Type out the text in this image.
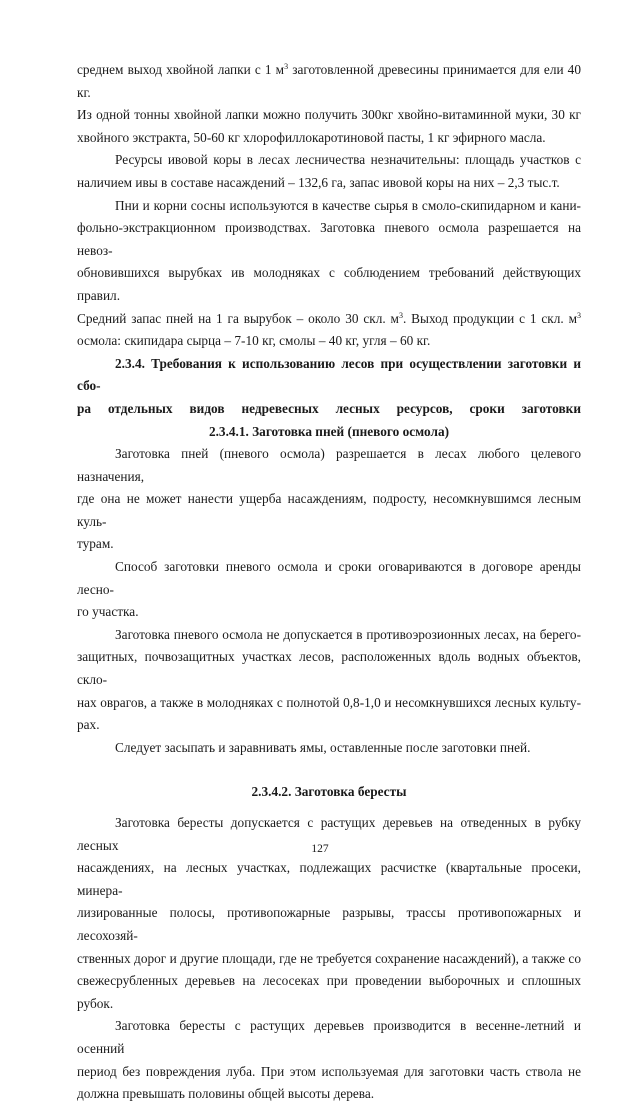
среднем выход хвойной лапки с 1 $м^3$ заготовленной древесины принимается для ели 40 кг.

Из одной тонны хвойной лапки можно получить 300кг хвойно-витаминной муки, 30 кг

хвойного экстракта, 50-60 кг хлорофиллокаротиновой пасты, 1 кг эфирного масла.

Ресурсы ивовой коры в лесах лесничества незначительны: площадь участков с

наличием ивы в составе насаждений – 132,6 га, запас ивовой коры на них – 2,3 тыс.т.

Пни и корни сосны используются в качестве сырья в смоло-скипидарном и кани-

фольно-экстракционном производствах. Заготовка пневого осмола разрешается на невоз-

обновившихся вырубках ив молодняках с соблюдением требований действующих правил.

Средний запас пней на 1 га вырубок – около 30 скл. $м^3$. Выход продукции с 1 скл. $м^3$

осмола: скипидара сырца – 7-10 кг, смолы – 40 кг, угля – 60 кг.

2.3.4. Требования к использованию лесов при осуществлении заготовки и сбо-

ра отдельных видов недревесных лесных ресурсов, сроки заготовки

2.3.4.1. Заготовка пней (пневого осмола)

Заготовка пней (пневого осмола) разрешается в лесах любого целевого назначения,

где она не может нанести ущерба насаждениям, подросту, несомкнувшимся лесным куль-

турам.

Способ заготовки пневого осмола и сроки оговариваются в договоре аренды лесно-

го участка.

Заготовка пневого осмола не допускается в противоэрозионных лесах, на берего-

защитных, почвозащитных участках лесов, расположенных вдоль водных объектов, скло-

нах оврагов, а также в молодняках с полнотой 0,8-1,0 и несомкнувшихся лесных культу-

рах.

Следует засыпать и заравнивать ямы, оставленные после заготовки пней.

2.3.4.2. Заготовка бересты

Заготовка бересты допускается с растущих деревьев на отведенных в рубку лесных

насаждениях, на лесных участках, подлежащих расчистке (квартальные просеки, минера-

лизированные полосы, противопожарные разрывы, трассы противопожарных и лесохозяй-

ственных дорог и другие площади, где не требуется сохранение насаждений), а также со

свежесрубленных деревьев на лесосеках при проведении выборочных и сплошных рубок.

Заготовка бересты с растущих деревьев производится в весенне-летний и осенний

период без повреждения луба. При этом используемая для заготовки часть ствола не

должна превышать половины общей высоты дерева.

127
